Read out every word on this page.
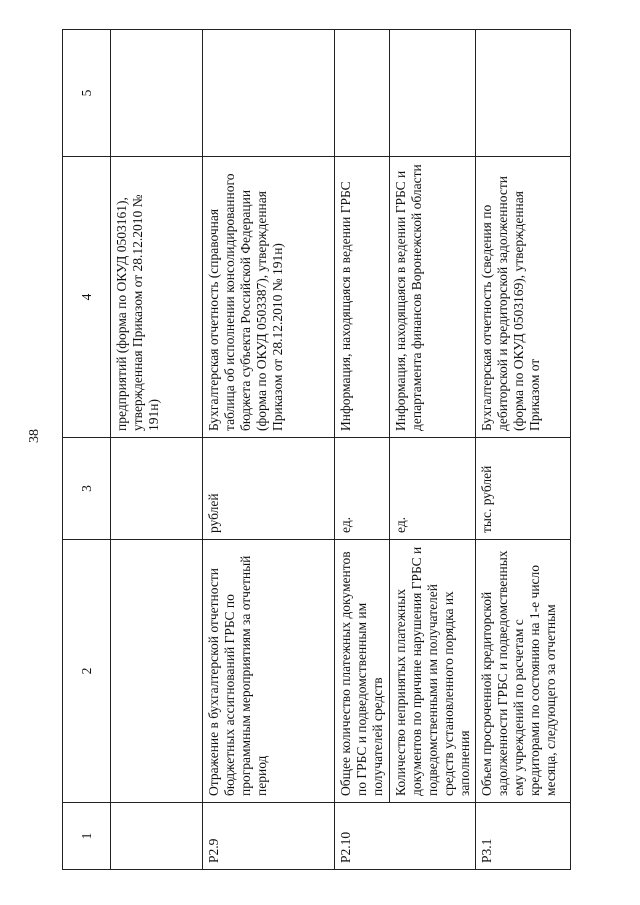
38
1	2	3	4	5
			предприятий (форма по ОКУД 0503161), утвержденная Приказом от 28.12.2010 № 191н)	
Р2.9	Отражение в бухгалтерской отчетности бюджетных ассигнований ГРБС по программным мероприятиям за отчетный период	рублей	Бухгалтерская отчетность (справочная таблица об исполнении консолидированного бюджета субъекта Российской Федерации (форма по ОКУД 0503387), утвержденная Приказом от 28.12.2010 № 191н)	
Р2.10	Общее количество платежных документов по ГРБС и подведомственным им получателей средств	ед.	Информация, находящаяся в ведении ГРБС	
	Количество непринятых платежных документов по причине нарушения ГРБС и подведомственными им получателей средств установленного порядка их заполнения	ед.	Информация, находящаяся в ведении ГРБС и департамента финансов Воронежской области	
Р3.1	Объем просроченной кредиторской задолженности ГРБС и подведомственных ему учреждений по расчетам с кредиторами по состоянию на 1-е число месяца, следующего за отчетным	тыс. рублей	Бухгалтерская отчетность (сведения по дебиторской и кредиторской задолженности (форма по ОКУД 0503169), утвержденная Приказом от	
